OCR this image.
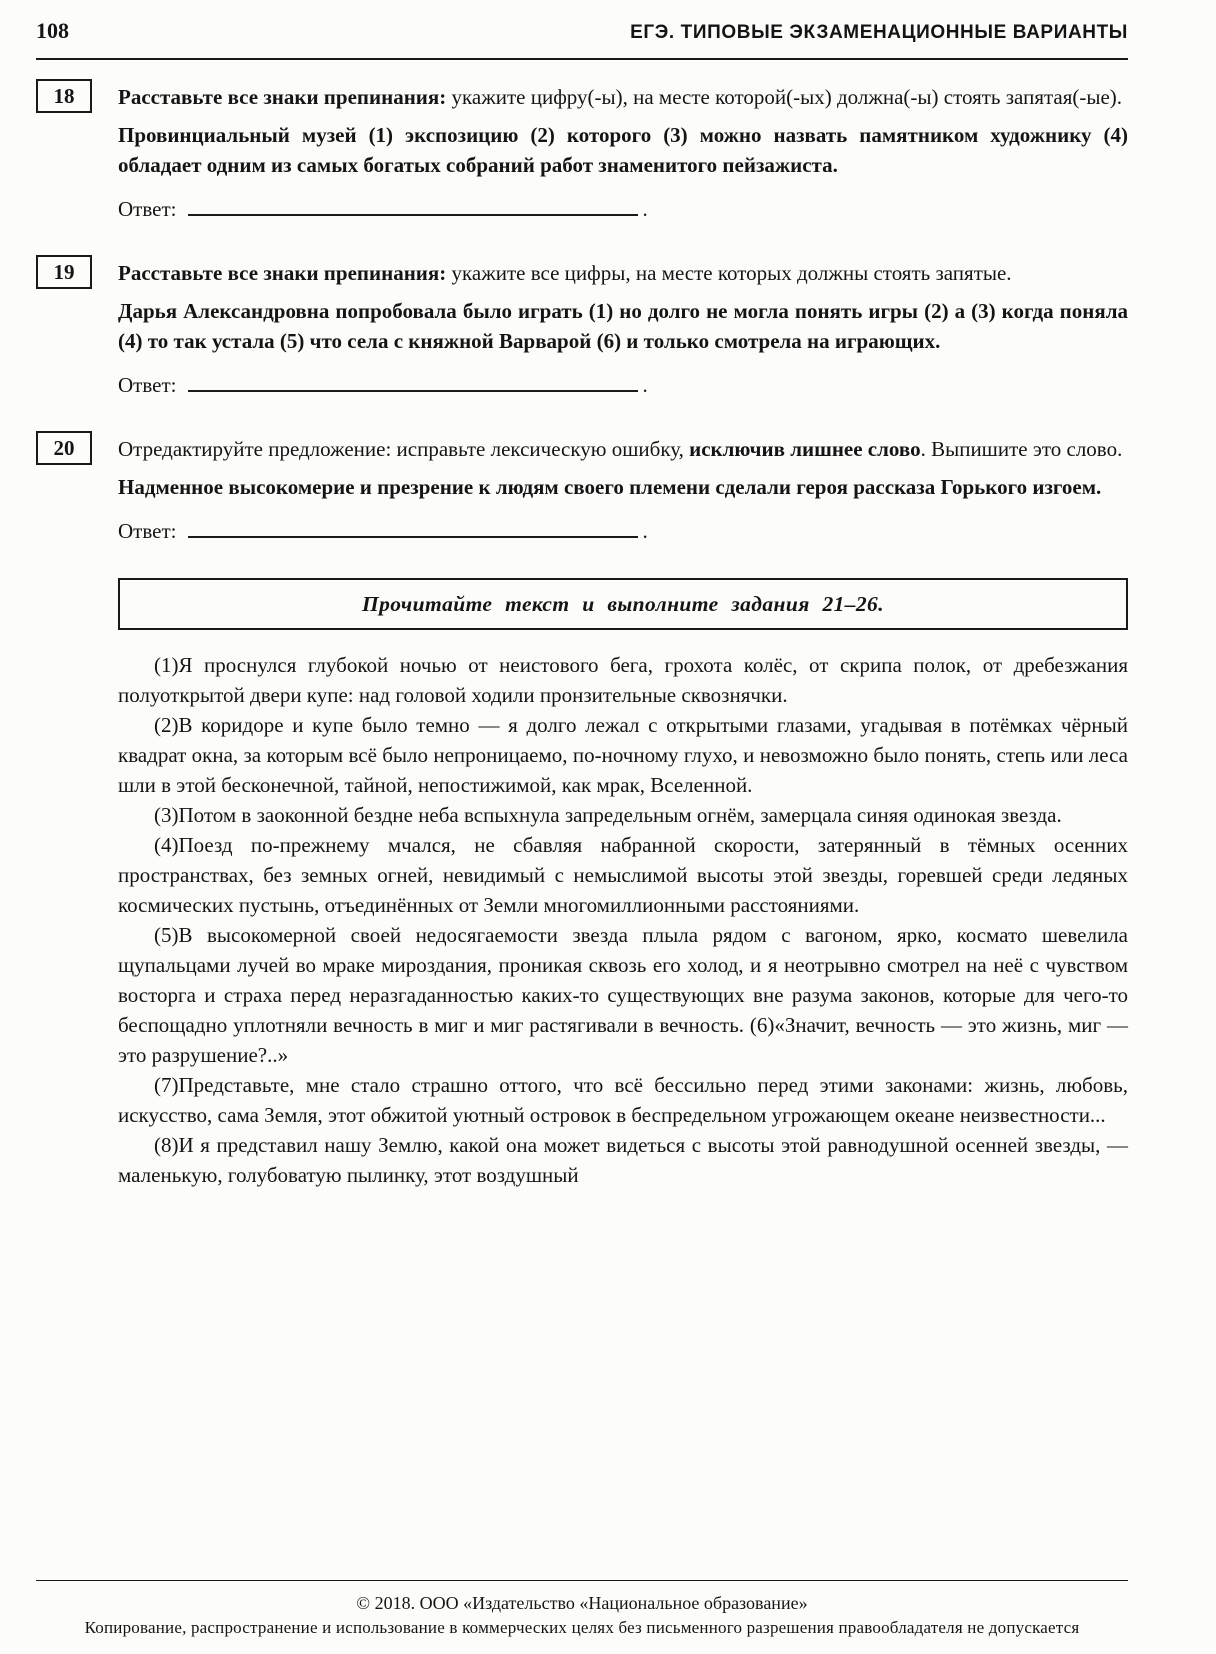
108	ЕГЭ. ТИПОВЫЕ ЭКЗАМЕНАЦИОННЫЕ ВАРИАНТЫ
18 Расставьте все знаки препинания: укажите цифру(-ы), на месте которой(-ых) должна(-ы) стоять запятая(-ые).

Провинциальный музей (1) экспозицию (2) которого (3) можно назвать памятником художнику (4) обладает одним из самых богатых собраний работ знаменитого пейзажиста.

Ответ:	.

19 Расставьте все знаки препинания: укажите все цифры, на месте которых должны стоять запятые.

Дарья Александровна попробовала было играть (1) но долго не могла понять игры (2) а (3) когда поняла (4) то так устала (5) что села с княжной Варварой (6) и только смотрела на играющих.

Ответ:	.

20 Отредактируйте предложение: исправьте лексическую ошибку, исключив лишнее слово. Выпишите это слово.

Надменное высокомерие и презрение к людям своего племени сделали героя рассказа Горького изгоем.

Ответ:	.

Прочитайте текст и выполните задания 21–26.

(1)Я проснулся глубокой ночью от неистового бега, грохота колёс, от скрипа полок, от дребезжания полуоткрытой двери купе: над головой ходили пронзительные сквознячки.

(2)В коридоре и купе было темно — я долго лежал с открытыми глазами, угадывая в потёмках чёрный квадрат окна, за которым всё было непроницаемо, по-ночному глухо, и невозможно было понять, степь или леса шли в этой бесконечной, тайной, непостижимой, как мрак, Вселенной.

(3)Потом в заоконной бездне неба вспыхнула запредельным огнём, замерцала синяя одинокая звезда.

(4)Поезд по-прежнему мчался, не сбавляя набранной скорости, затерянный в тёмных осенних пространствах, без земных огней, невидимый с немыслимой высоты этой звезды, горевшей среди ледяных космических пустынь, отъединённых от Земли многомиллионными расстояниями.

(5)В высокомерной своей недосягаемости звезда плыла рядом с вагоном, ярко, космато шевелила щупальцами лучей во мраке мироздания, проникая сквозь его холод, и я неотрывно смотрел на неё с чувством восторга и страха перед неразгаданностью каких-то существующих вне разума законов, которые для чего-то беспощадно уплотняли вечность в миг и миг растягивали в вечность. (6)«Значит, вечность — это жизнь, миг — это разрушение?..»

(7)Представьте, мне стало страшно оттого, что всё бессильно перед этими законами: жизнь, любовь, искусство, сама Земля, этот обжитой уютный островок в беспредельном угрожающем океане неизвестности...

(8)И я представил нашу Землю, какой она может видеться с высоты этой равнодушной осенней звезды, — маленькую, голубоватую пылинку, этот воздушный

© 2018. ООО «Издательство «Национальное образование»
Копирование, распространение и использование в коммерческих целях без письменного разрешения правообладателя не допускается
